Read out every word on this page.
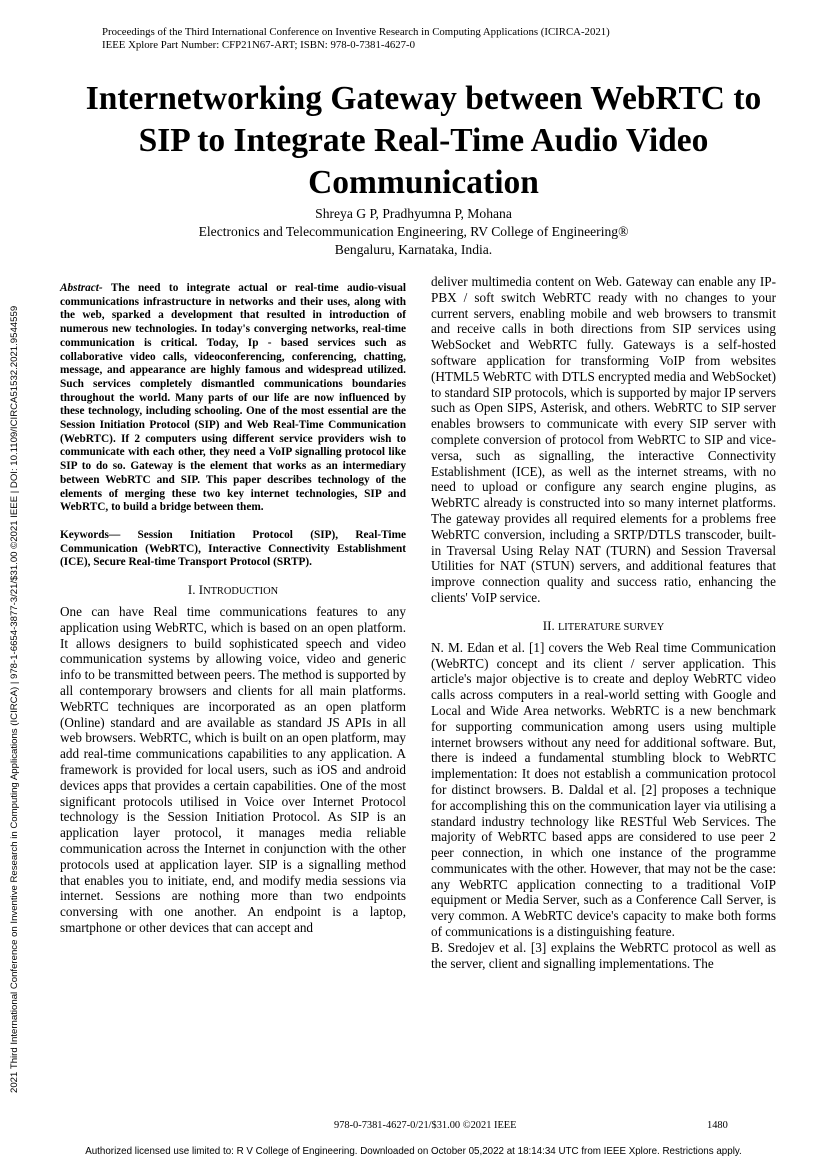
Proceedings of the Third International Conference on Inventive Research in Computing Applications (ICIRCA-2021)
IEEE Xplore Part Number: CFP21N67-ART; ISBN: 978-0-7381-4627-0
Internetworking Gateway between WebRTC to
SIP to Integrate Real-Time Audio Video
Communication
Shreya G P, Pradhyumna P, Mohana
Electronics and Telecommunication Engineering, RV College of Engineering®
Bengaluru, Karnataka, India.
2021 Third International Conference on Inventive Research in Computing Applications (ICIRCA) | 978-1-6654-3877-3/21/$31.00 ©2021 IEEE | DOI: 10.1109/ICIRCA51532.2021.9544559

Abstract- The need to integrate actual or real-time audio-visual communications infrastructure in networks and their uses, along with the web, sparked a development that resulted in introduction of numerous new technologies. In today's converging networks, real-time communication is critical. Today, Ip - based services such as collaborative video calls, videoconferencing, conferencing, chatting, message, and appearance are highly famous and widespread utilized. Such services completely dismantled communications boundaries throughout the world. Many parts of our life are now influenced by these technology, including schooling. One of the most essential are the Session Initiation Protocol (SIP) and Web Real-Time Communication (WebRTC). If 2 computers using different service providers wish to communicate with each other, they need a VoIP signalling protocol like SIP to do so. Gateway is the element that works as an intermediary between WebRTC and SIP. This paper describes technology of the elements of merging these two key internet technologies, SIP and WebRTC, to build a bridge between them.

Keywords— Session Initiation Protocol (SIP), Real-Time Communication (WebRTC), Interactive Connectivity Establishment (ICE), Secure Real-time Transport Protocol (SRTP).

I. INTRODUCTION

One can have Real time communications features to any application using WebRTC, which is based on an open platform. It allows designers to build sophisticated speech and video communication systems by allowing voice, video and generic info to be transmitted between peers. The method is supported by all contemporary browsers and clients for all main platforms. WebRTC techniques are incorporated as an open platform (Online) standard and are available as standard JS APIs in all web browsers. WebRTC, which is built on an open platform, may add real-time communications capabilities to any application. A framework is provided for local users, such as iOS and android devices apps that provides a certain capabilities. One of the most significant protocols utilised in Voice over Internet Protocol technology is the Session Initiation Protocol. As SIP is an application layer protocol, it manages media reliable communication across the Internet in conjunction with the other protocols used at application layer. SIP is a signalling method that enables you to initiate, end, and modify media sessions via internet. Sessions are nothing more than two endpoints conversing with one another. An endpoint is a laptop, smartphone or other devices that can accept and

deliver multimedia content on Web. Gateway can enable any IP-PBX / soft switch WebRTC ready with no changes to your current servers, enabling mobile and web browsers to transmit and receive calls in both directions from SIP services using WebSocket and WebRTC fully. Gateways is a self-hosted software application for transforming VoIP from websites (HTML5 WebRTC with DTLS encrypted media and WebSocket) to standard SIP protocols, which is supported by major IP servers such as Open SIPS, Asterisk, and others. WebRTC to SIP server enables browsers to communicate with every SIP server with complete conversion of protocol from WebRTC to SIP and vice-versa, such as signalling, the interactive Connectivity Establishment (ICE), as well as the internet streams, with no need to upload or configure any search engine plugins, as WebRTC already is constructed into so many internet platforms. The gateway provides all required elements for a problems free WebRTC conversion, including a SRTP/DTLS transcoder, built-in Traversal Using Relay NAT (TURN) and Session Traversal Utilities for NAT (STUN) servers, and additional features that improve connection quality and success ratio, enhancing the clients' VoIP service.

II. LITERATURE SURVEY

N. M. Edan et al. [1] covers the Web Real time Communication (WebRTC) concept and its client / server application. This article's major objective is to create and deploy WebRTC video calls across computers in a real-world setting with Google and Local and Wide Area networks. WebRTC is a new benchmark for supporting communication among users using multiple internet browsers without any need for additional software. But, there is indeed a fundamental stumbling block to WebRTC implementation: It does not establish a communication protocol for distinct browsers. B. Daldal et al. [2] proposes a technique for accomplishing this on the communication layer via utilising a standard industry technology like RESTful Web Services. The majority of WebRTC based apps are considered to use peer 2 peer connection, in which one instance of the programme communicates with the other. However, that may not be the case: any WebRTC application connecting to a traditional VoIP equipment or Media Server, such as a Conference Call Server, is very common. A WebRTC device's capacity to make both forms of communications is a distinguishing feature.

B. Sredojev et al. [3] explains the WebRTC protocol as well as the server, client and signalling implementations. The

978-0-7381-4627-0/21/$31.00 ©2021 IEEE	1480
Authorized licensed use limited to: R V College of Engineering. Downloaded on October 05,2022 at 18:14:34 UTC from IEEE Xplore. Restrictions apply.
